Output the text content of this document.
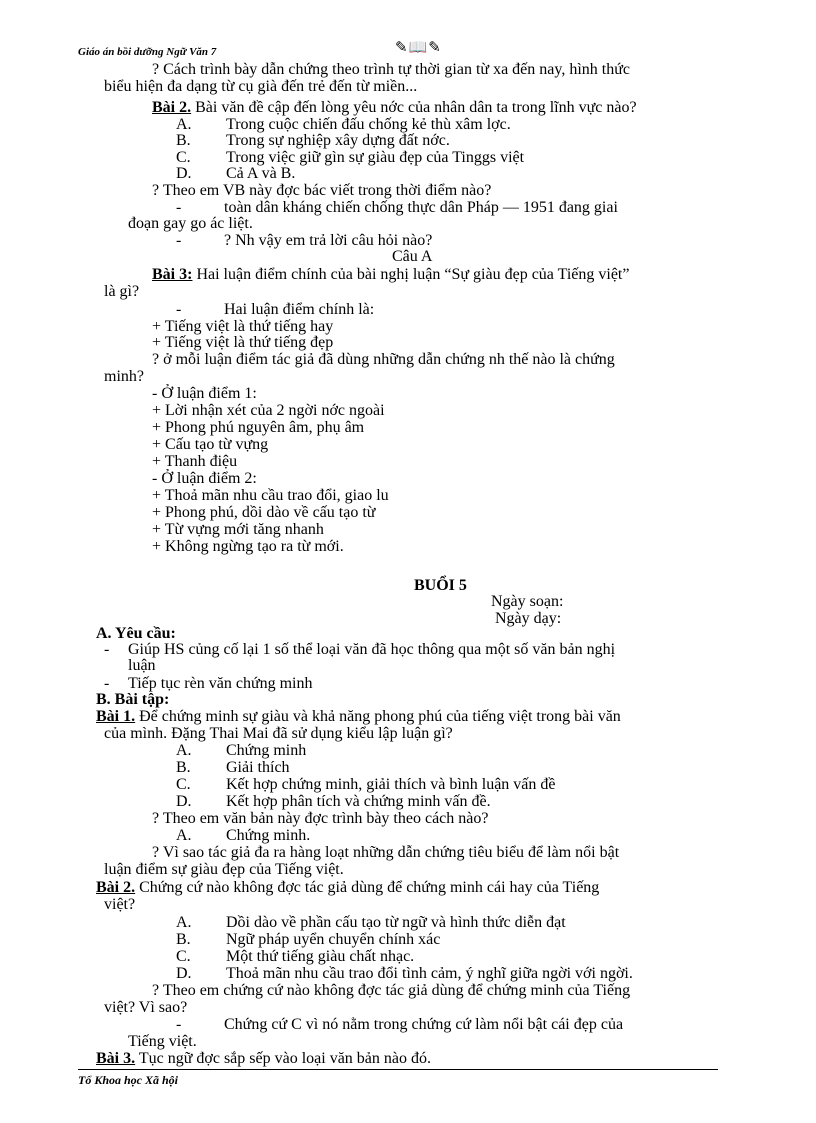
Giáo án bồi dưỡng Ngữ Văn 7	✎📖✎
? Cách trình bày dẫn chứng theo trình tự thời gian từ xa đến nay, hình thức
biểu hiện đa dạng từ cụ già đến trẻ đến từ miền...
Bài 2. Bài văn đề cập đến lòng yêu nớc của nhân dân ta trong lĩnh vực nào?
A. Trong cuộc chiến đấu chống kẻ thù xâm lợc.
B. Trong sự nghiệp xây dựng đất nớc.
C. Trong việc giữ gìn sự giàu đẹp của Tinggs việt
D. Cả A và B.
? Theo em VB này đợc bác viết trong thời điểm nào?
-	toàn dân kháng chiến chống thực dân Pháp — 1951 đang giai
đoạn gay go ác liệt.
-	? Nh vậy em trả lời câu hỏi nào?
Câu A
Bài 3: Hai luận điểm chính của bài nghị luận “Sự giàu đẹp của Tiếng việt”
là gì?
-	Hai luận điểm chính là:
+ Tiếng việt là thứ tiếng hay
+ Tiếng việt là thứ tiếng đẹp
? ở mỗi luận điểm tác giả đã dùng những dẫn chứng nh thế nào là chứng
minh?
- Ở luận điểm 1:
+ Lời nhận xét của 2 ngời nớc ngoài
+ Phong phú nguyên âm, phụ âm
+ Cấu tạo từ vựng
+ Thanh điệu
- Ở luận điểm 2:
+ Thoả mãn nhu cầu trao đổi, giao lu
+ Phong phú, dồi dào về cấu tạo từ
+ Từ vựng mới tăng nhanh
+ Không ngừng tạo ra từ mới.
BUỔI 5
Ngày soạn:
Ngày dạy:
A. Yêu cầu:
- Giúp HS củng cố lại 1 số thể loại văn đã học thông qua một số văn bản nghị
luận
- Tiếp tục rèn văn chứng minh
B. Bài tập:
Bài 1. Để chứng minh sự giàu và khả năng phong phú của tiếng việt trong bài văn
của mình. Đặng Thai Mai đã sử dụng kiểu lập luận gì?
A. Chứng minh
B. Giải thích
C. Kết hợp chứng minh, giải thích và bình luận vấn đề
D. Kết hợp phân tích và chứng minh vấn đề.
? Theo em văn bản này đợc trình bày theo cách nào?
A. Chứng minh.
? Vì sao tác giả đa ra hàng loạt những dẫn chứng tiêu biểu để làm nổi bật
luận điểm sự giàu đẹp của Tiếng việt.
Bài 2. Chứng cứ nào không đợc tác giả dùng để chứng minh cái hay của Tiếng
việt?
A. Dồi dào về phần cấu tạo từ ngữ và hình thức diễn đạt
B. Ngữ pháp uyển chuyển chính xác
C. Một thứ tiếng giàu chất nhạc.
D. Thoả mãn nhu cầu trao đổi tình cảm, ý nghĩ giữa ngời với ngời.
? Theo em chứng cứ nào không đợc tác giả dùng để chứng minh của Tiếng
việt? Vì sao?
-	Chứng cứ C vì nó nằm trong chứng cứ làm nổi bật cái đẹp của
Tiếng việt.
Bài 3. Tục ngữ đợc sắp sếp vào loại văn bản nào đó.
Tổ Khoa học Xã hội
